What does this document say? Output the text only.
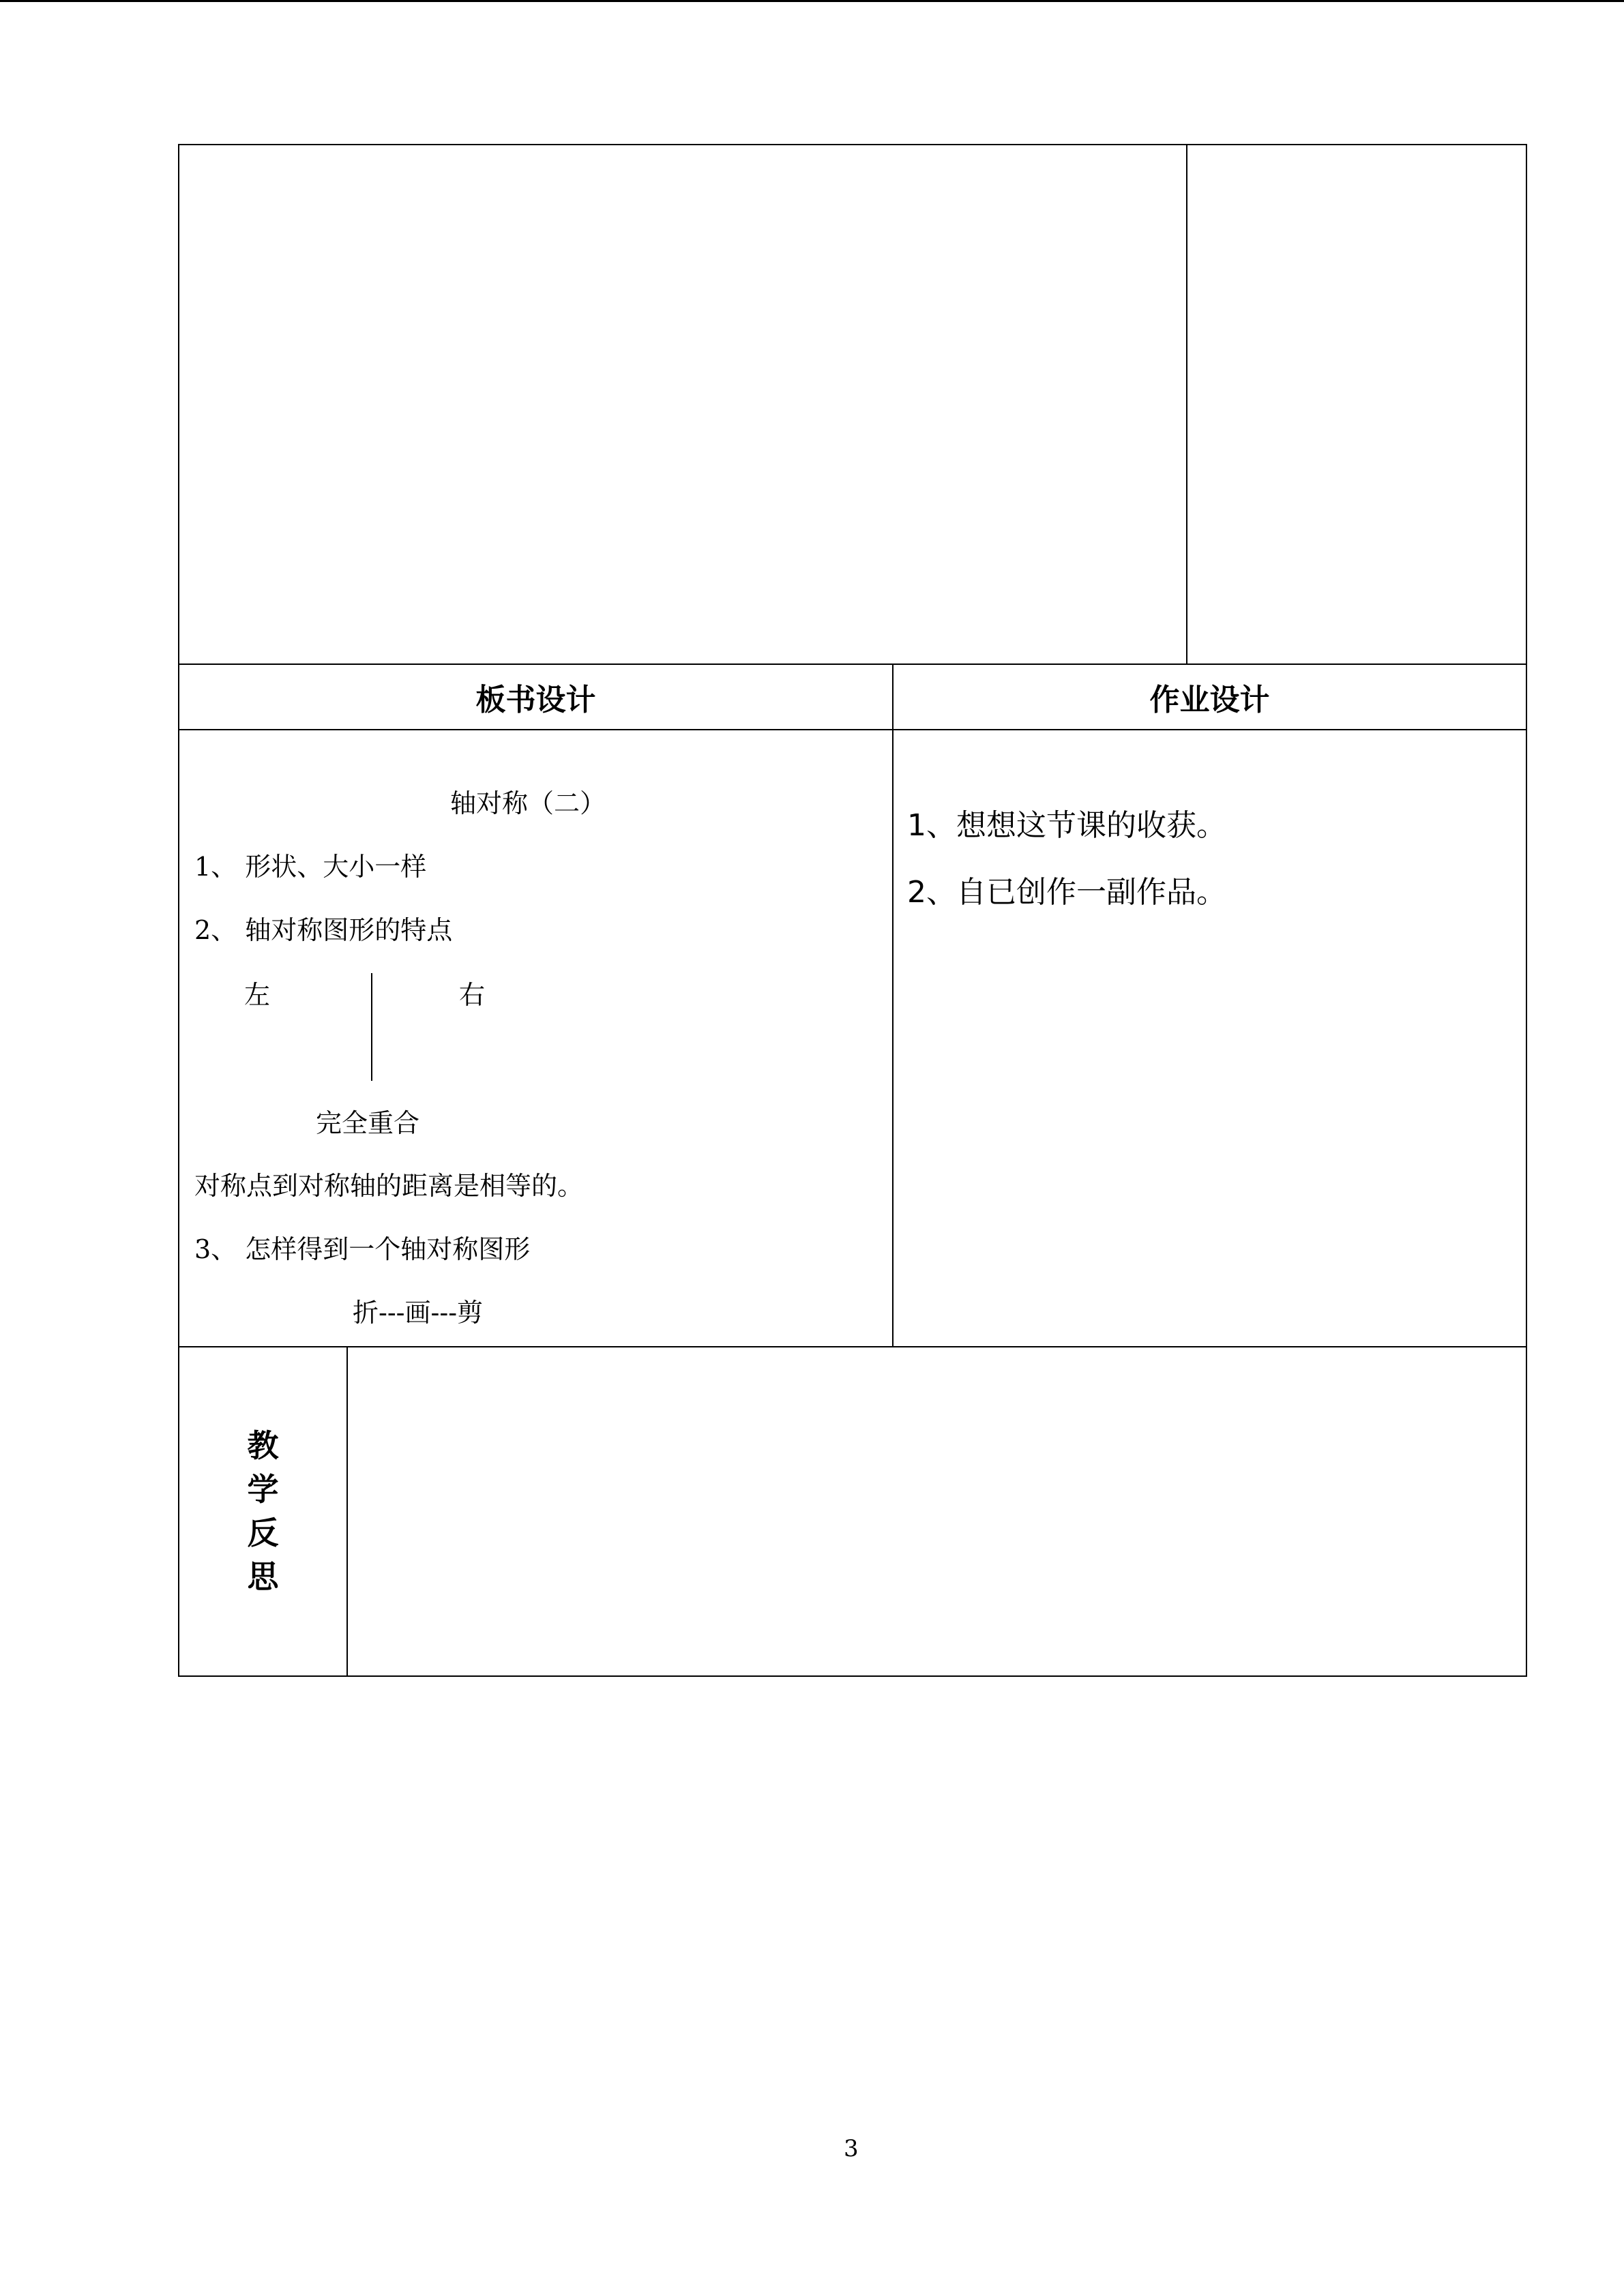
板书设计	作业设计
轴对称（二）
1、 形状、大小一样
2、 轴对称图形的特点
左	右
完全重合
对称点到对称轴的距离是相等的。
3、 怎样得到一个轴对称图形
折---画---剪
1、想想这节课的收获。
2、自已创作一副作品。
教
学
反
思
3
